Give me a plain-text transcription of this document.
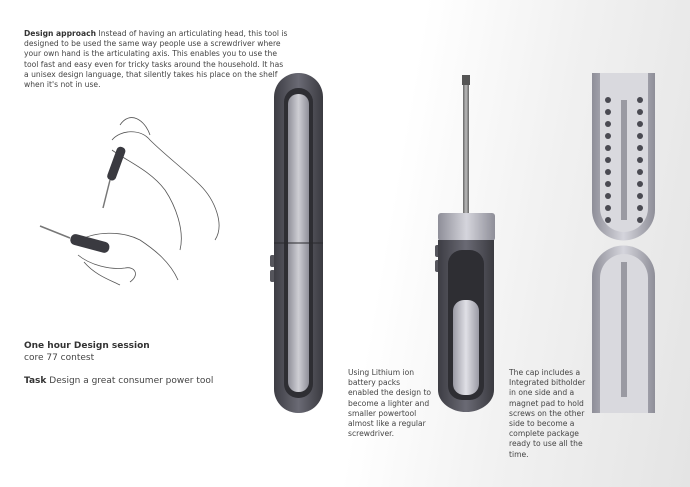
Design approach Instead of having an articulating head, this tool is designed to be used the same way people use a screwdriver where your own hand is the articulating axis. This enables you to use the tool fast and easy even for tricky tasks around the household. It has a unisex design language, that silently takes his place on the shelf when it's not in use.
One hour Design session
core 77 contest
Task Design a great consumer power tool
Using Lithium ion battery packs enabled the design to become a lighter and smaller powertool almost like a regular screwdriver.
The cap includes a Integrated bitholder in one side and a magnet pad to hold screws on the other side to become a complete package ready to use all the time.
